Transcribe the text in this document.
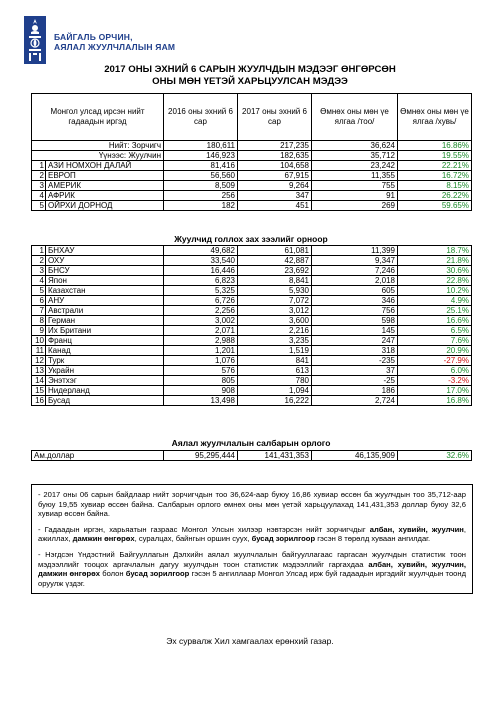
БАЙГАЛЬ ОРЧИН,
АЯЛАЛ ЖУУЛЧЛАЛЫН ЯАМ
2017 ОНЫ ЭХНИЙ 6 САРЫН ЖУУЛЧДЫН МЭДЭЭГ ӨНГӨРСӨН
ОНЫ МӨН ҮЕТЭЙ ХАРЬЦУУЛСАН МЭДЭЭ
Монгол улсад ирсэн нийт гадаадын иргэд		2016 оны эхний 6 сар	2017 оны эхний 6 сар	Өмнөх оны мөн үе ялгаа /тоо/	Өмнөх оны мөн үе ялгаа /хувь/
Нийт: Зорчигч		180,611	217,235	36,624	16.86%
Үүнээс: Жуулчин		146,923	182,635	35,712	19.55%
1	АЗИ НОМХОН ДАЛАЙ	81,416	104,658	23,242	22.21%
2	ЕВРОП	56,560	67,915	11,355	16.72%
3	АМЕРИК	8,509	9,264	755	8.15%
4	АФРИК	256	347	91	26.22%
5	ОЙРХИ ДОРНОД	182	451	269	59.65%
Жуулчид голлох зах зээлийг орноор
1	БНХАУ	49,682	61,081	11,399	18.7%
2	ОХУ	33,540	42,887	9,347	21.8%
3	БНСУ	16,446	23,692	7,246	30.6%
4	Япон	6,823	8,841	2,018	22.8%
5	Казахстан	5,325	5,930	605	10.2%
6	АНУ	6,726	7,072	346	4.9%
7	Австрали	2,256	3,012	756	25.1%
8	Герман	3,002	3,600	598	16.6%
9	Их Британи	2,071	2,216	145	6.5%
10	Франц	2,988	3,235	247	7.6%
11	Канад	1,201	1,519	318	20.9%
12	Турк	1,076	841	-235	-27.9%
13	Украйн	576	613	37	6.0%
14	Энэтхэг	805	780	-25	-3.2%
15	Нидерланд	908	1,094	186	17.0%
16	Бусад	13,498	16,222	2,724	16.8%
Аялал жуулчлалын салбарын орлого
Ам.доллар	95,295,444	141,431,353	46,135,909	32.6%

- 2017 оны 06 сарын байдлаар нийт зорчигчдын тоо 36,624-аар буюу 16,86 хувиар өссөн ба жуулчдын тоо 35,712-аар буюу 19,55 хувиар өссөн байна. Салбарын орлого өмнөх оны мөн үетэй харьцуулахад 141,431,353 доллар буюу 32,6 хувиар өссөн байна.

- Гадаадын иргэн, харьяатын газраас Монгол Улсын хилээр нэвтэрсэн нийт зорчигчдыг албан, хувийн, жуулчин, ажиллах, дамжин өнгөрөх, суралцах, байнгын оршин суух, бусад зорилгоор гэсэн 8 төрөлд хуваан ангилдаг.

- Нэгдсэн Үндэстний Байгууллагын Дэлхийн аялал жуулчлалын байгууллагаас гаргасан жуулчдын статистик тоон мэдээллийг тооцох аргачлалын дагуу жуулчдын тоон статистик мэдээллийг гаргахдаа албан, хувийн, жуулчин, дамжин өнгөрөх болон бусад зорилгоор гэсэн 5 ангиллаар Монгол Улсад ирж буй гадаадын иргэдийг жуулчдын тоонд оруулж үздэг.

Эх сурвалж Хил хамгаалах ерөнхий газар.
